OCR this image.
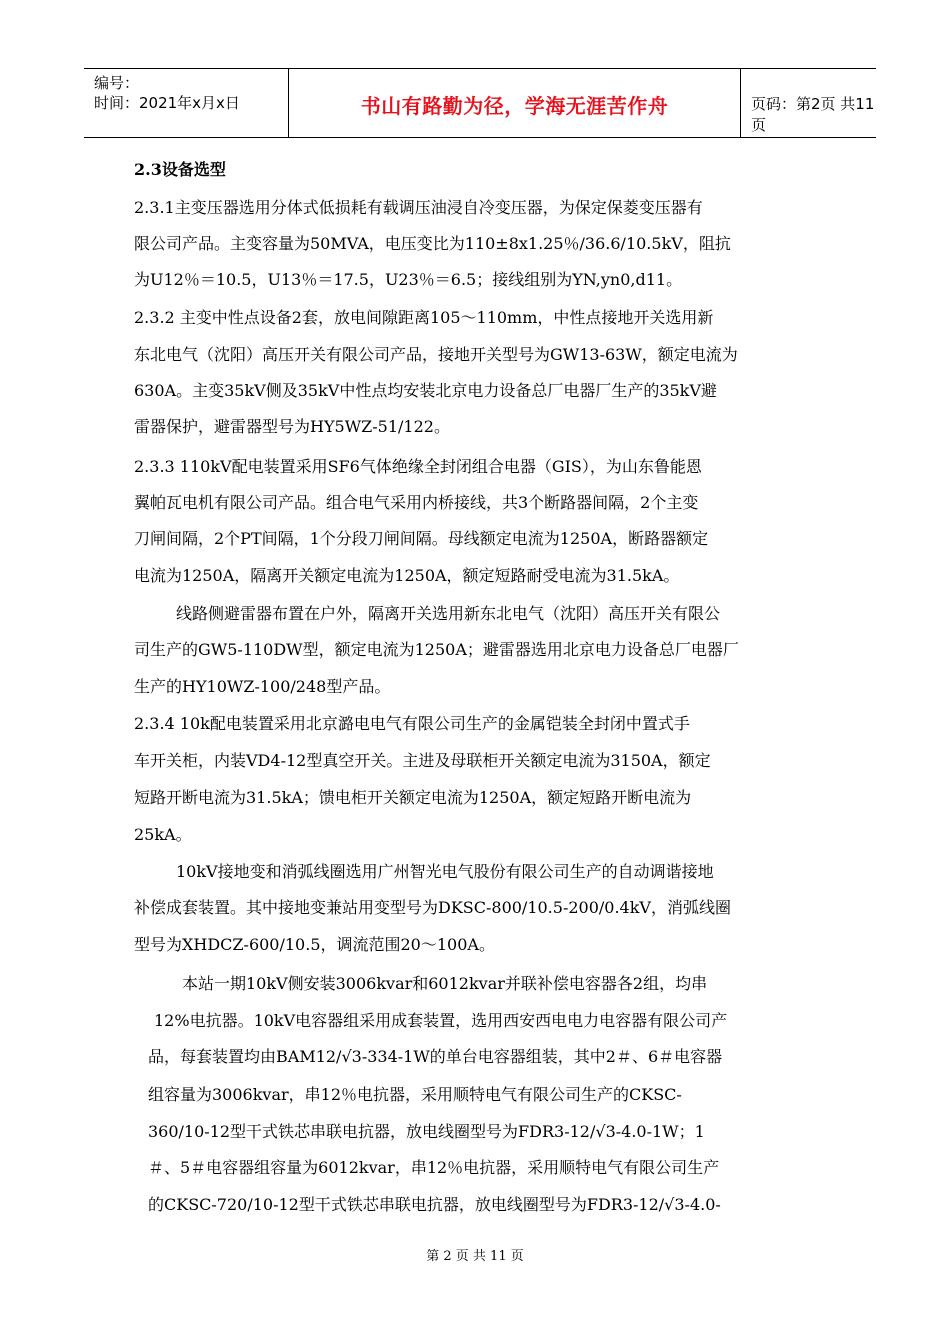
编号：
时间：2021年x月x日	书山有路勤为径，学海无涯苦作舟	页码：第2页 共11页
2.3设备选型
2.3.1主变压器选用分体式低损耗有载调压油浸自冷变压器，为保定保菱变压器有
限公司产品。主变容量为50MVA，电压变比为110±8x1.25％/36.6/10.5kV，阻抗
为U12％＝10.5，U13％＝17.5，U23％＝6.5；接线组别为YN,yn0,d11。
2.3.2 主变中性点设备2套，放电间隙距离105～110mm，中性点接地开关选用新
东北电气（沈阳）高压开关有限公司产品，接地开关型号为GW13-63W，额定电流为
630A。主变35kV侧及35kV中性点均安装北京电力设备总厂电器厂生产的35kV避
雷器保护，避雷器型号为HY5WZ-51/122。
2.3.3 110kV配电装置采用SF6气体绝缘全封闭组合电器（GIS），为山东鲁能恩
翼帕瓦电机有限公司产品。组合电气采用内桥接线，共3个断路器间隔，2个主变
刀闸间隔，2个PT间隔，1个分段刀闸间隔。母线额定电流为1250A，断路器额定
电流为1250A，隔离开关额定电流为1250A，额定短路耐受电流为31.5kA。
线路侧避雷器布置在户外，隔离开关选用新东北电气（沈阳）高压开关有限公
司生产的GW5-110DW型，额定电流为1250A；避雷器选用北京电力设备总厂电器厂
生产的HY10WZ-100/248型产品。
2.3.4 10k配电装置采用北京潞电电气有限公司生产的金属铠装全封闭中置式手
车开关柜，内装VD4-12型真空开关。主进及母联柜开关额定电流为3150A，额定
短路开断电流为31.5kA；馈电柜开关额定电流为1250A，额定短路开断电流为
25kA。
10kV接地变和消弧线圈选用广州智光电气股份有限公司生产的自动调谐接地
补偿成套装置。其中接地变兼站用变型号为DKSC-800/10.5-200/0.4kV，消弧线圈
型号为XHDCZ-600/10.5，调流范围20～100A。
本站一期10kV侧安装3006kvar和6012kvar并联补偿电容器各2组，均串
12%电抗器。10kV电容器组采用成套装置，选用西安西电电力电容器有限公司产
品，每套装置均由BAM12/√3-334-1W的单台电容器组装，其中2＃、6＃电容器
组容量为3006kvar，串12％电抗器，采用顺特电气有限公司生产的CKSC-
360/10-12型干式铁芯串联电抗器，放电线圈型号为FDR3-12/√3-4.0-1W；1
＃、5＃电容器组容量为6012kvar，串12％电抗器，采用顺特电气有限公司生产
的CKSC-720/10-12型干式铁芯串联电抗器，放电线圈型号为FDR3-12/√3-4.0-
第 2 页 共 11 页
